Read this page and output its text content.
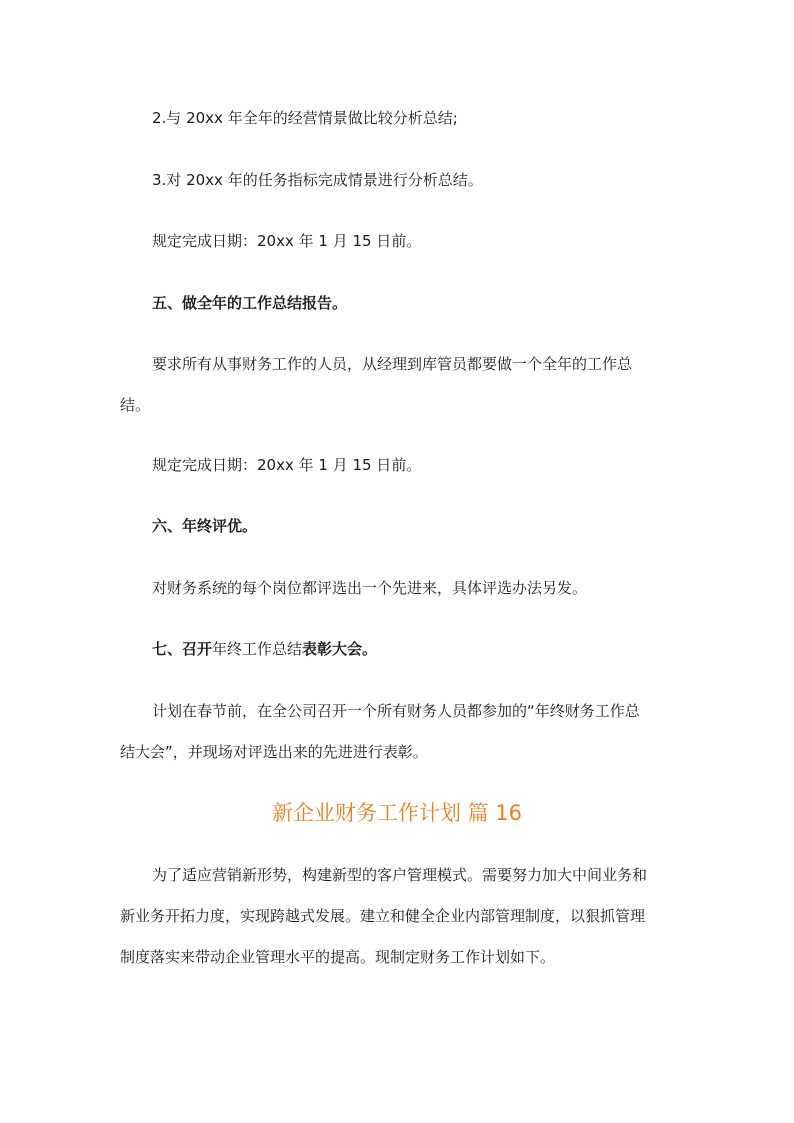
2.与 20xx 年全年的经营情景做比较分析总结;
3.对 20xx 年的任务指标完成情景进行分析总结。
规定完成日期：20xx 年 1 月 15 日前。
五、做全年的工作总结报告。
要求所有从事财务工作的人员，从经理到库管员都要做一个全年的工作总
结。
规定完成日期：20xx 年 1 月 15 日前。
六、年终评优。
对财务系统的每个岗位都评选出一个先进来，具体评选办法另发。
七、召开年终工作总结表彰大会。
计划在春节前，在全公司召开一个所有财务人员都参加的“年终财务工作总
结大会”，并现场对评选出来的先进进行表彰。
新企业财务工作计划 篇 16
为了适应营销新形势，构建新型的客户管理模式。需要努力加大中间业务和
新业务开拓力度，实现跨越式发展。建立和健全企业内部管理制度，以狠抓管理
制度落实来带动企业管理水平的提高。现制定财务工作计划如下。
